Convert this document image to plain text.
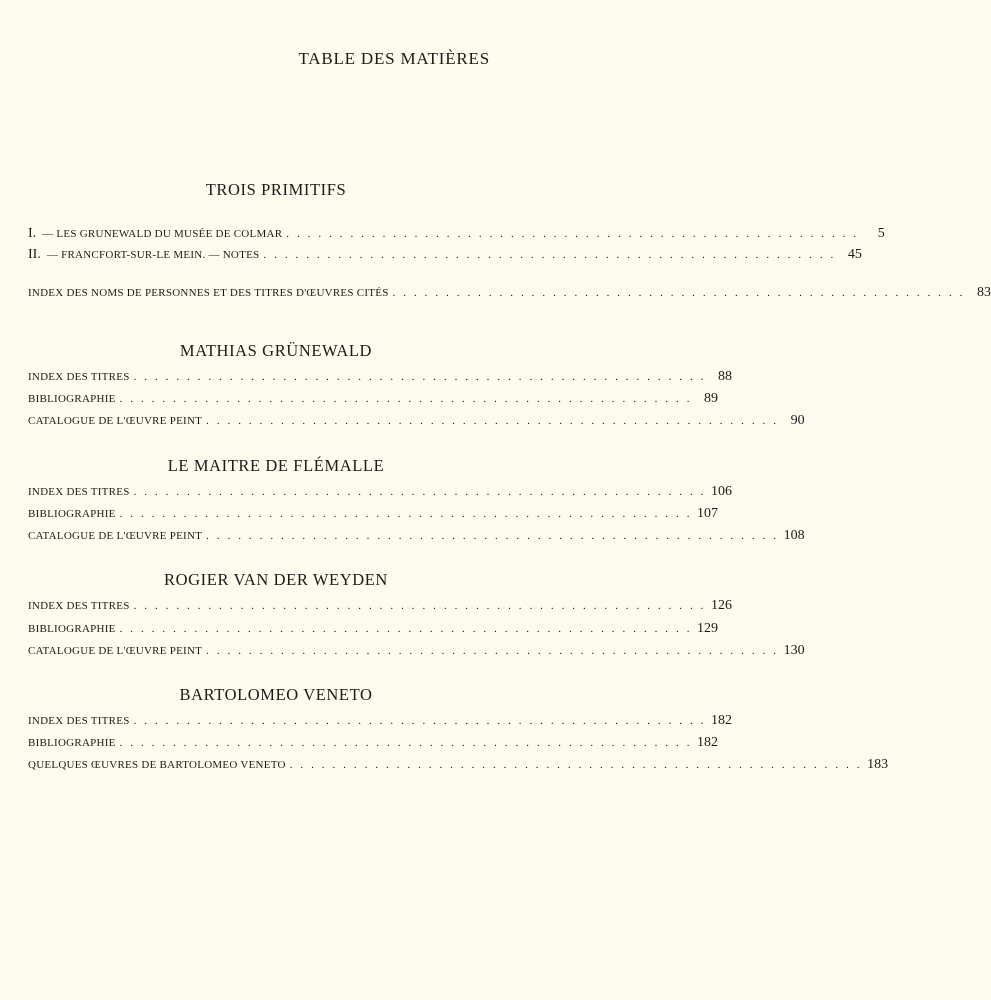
TABLE DES MATIÈRES
TROIS PRIMITIFS
I. — LES GRUNEWALD DU MUSÉE DE COLMAR . . . . . . . . . . . . . . . . . . . . . . . . . . . . . . . . . . . . . . . . . . . . . . . . . . . . . .	5
II. — FRANCFORT-SUR-LE MEIN. — NOTES . . . . . . . . . . . . . . . . . . . . . . . . . . . . . . . . . . . . . . . . . . . . . . . . . . . . . . 45
INDEX DES NOMS DE PERSONNES ET DES TITRES D'ŒUVRES CITÉS . . . . . . . . . . . . . . . . . . . . . . . . . . . . . . . . . . . . . . . . . . . . . . . . . . . . . . 83
MATHIAS GRÜNEWALD
INDEX DES TITRES . . . . . . . . . . . . . . . . . . . . . . . . . . . . . . . . . . . . . . . . . . . . . . . . . . . . . . 88
BIBLIOGRAPHIE . . . . . . . . . . . . . . . . . . . . . . . . . . . . . . . . . . . . . . . . . . . . . . . . . . . . . . 89
CATALOGUE DE L'ŒUVRE PEINT . . . . . . . . . . . . . . . . . . . . . . . . . . . . . . . . . . . . . . . . . . . . . . . . . . . . . . 90
LE MAITRE DE FLÉMALLE
INDEX DES TITRES . . . . . . . . . . . . . . . . . . . . . . . . . . . . . . . . . . . . . . . . . . . . . . . . . . . . . . 106
BIBLIOGRAPHIE . . . . . . . . . . . . . . . . . . . . . . . . . . . . . . . . . . . . . . . . . . . . . . . . . . . . . . 107
CATALOGUE DE L'ŒUVRE PEINT . . . . . . . . . . . . . . . . . . . . . . . . . . . . . . . . . . . . . . . . . . . . . . . . . . . . . . 108
ROGIER VAN DER WEYDEN
INDEX DES TITRES . . . . . . . . . . . . . . . . . . . . . . . . . . . . . . . . . . . . . . . . . . . . . . . . . . . . . . 126
BIBLIOGRAPHIE . . . . . . . . . . . . . . . . . . . . . . . . . . . . . . . . . . . . . . . . . . . . . . . . . . . . . . 129
CATALOGUE DE L'ŒUVRE PEINT . . . . . . . . . . . . . . . . . . . . . . . . . . . . . . . . . . . . . . . . . . . . . . . . . . . . . . 130
BARTOLOMEO VENETO
INDEX DES TITRES . . . . . . . . . . . . . . . . . . . . . . . . . . . . . . . . . . . . . . . . . . . . . . . . . . . . . . 182
BIBLIOGRAPHIE . . . . . . . . . . . . . . . . . . . . . . . . . . . . . . . . . . . . . . . . . . . . . . . . . . . . . . 182
QUELQUES ŒUVRES DE BARTOLOMEO VENETO . . . . . . . . . . . . . . . . . . . . . . . . . . . . . . . . . . . . . . . . . . . . . . . . . . . . . . 183
